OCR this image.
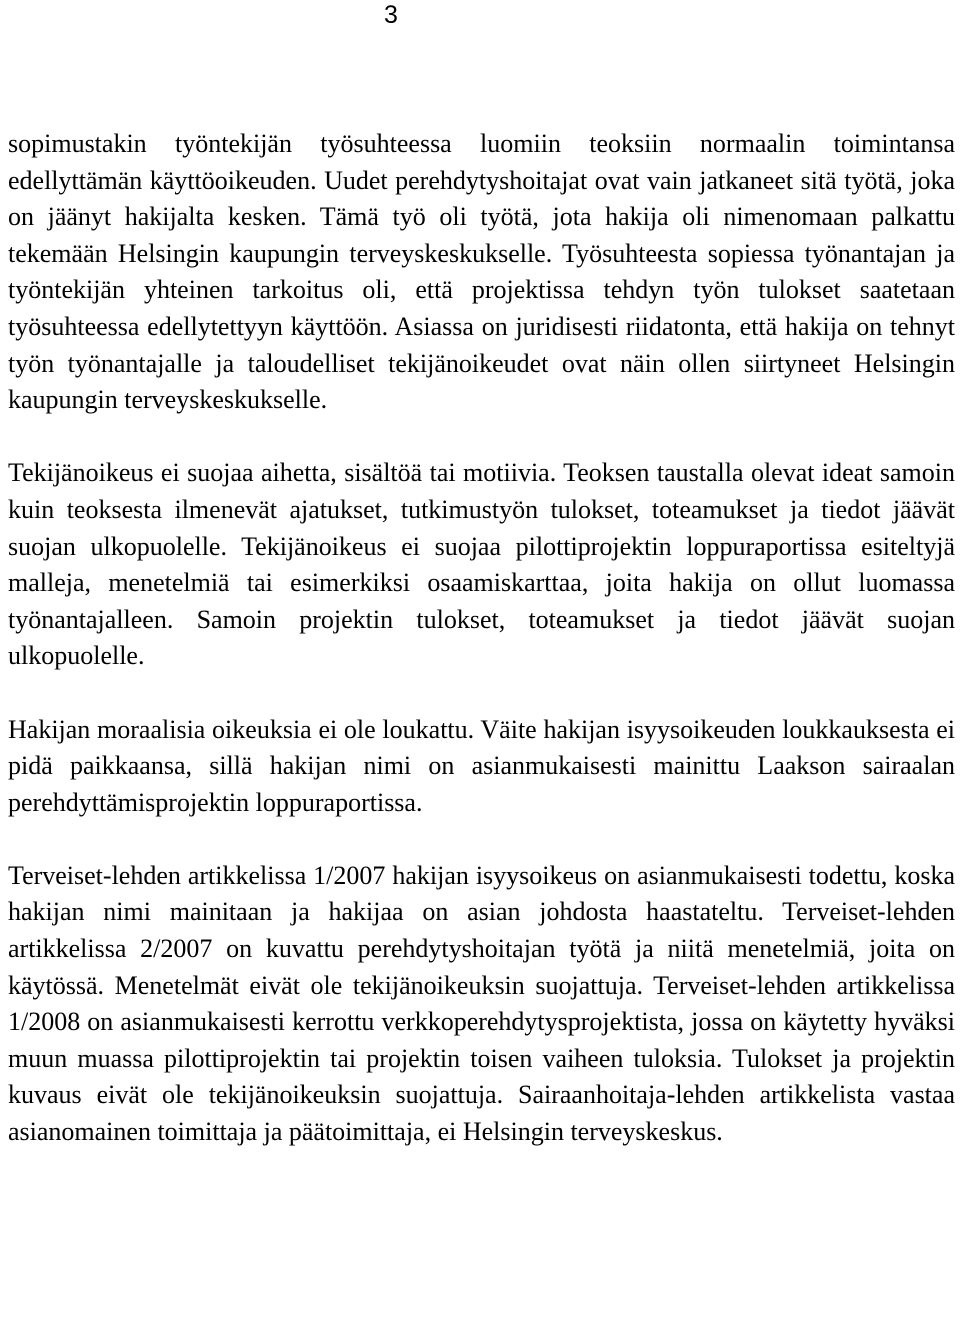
3

sopimustakin työntekijän työsuhteessa luomiin teoksiin normaalin toimintansa edellyttämän käyttöoikeuden. Uudet perehdytyshoitajat ovat vain jatkaneet sitä työtä, joka on jäänyt hakijalta kesken. Tämä työ oli työtä, jota hakija oli nimenomaan palkattu tekemään Helsingin kaupungin terveyskeskukselle. Työsuhteesta sopiessa työnantajan ja työntekijän yhteinen tarkoitus oli, että projektissa tehdyn työn tulokset saatetaan työsuhteessa edellytettyyn käyttöön. Asiassa on juridisesti riidatonta, että hakija on tehnyt työn työnantajalle ja taloudelliset tekijänoikeudet ovat näin ollen siirtyneet Helsingin kaupungin terveyskeskukselle.

Tekijänoikeus ei suojaa aihetta, sisältöä tai motiivia. Teoksen taustalla olevat ideat samoin kuin teoksesta ilmenevät ajatukset, tutkimustyön tulokset, toteamukset ja tiedot jäävät suojan ulkopuolelle. Tekijänoikeus ei suojaa pilottiprojektin loppuraportissa esiteltyjä malleja, menetelmiä tai esimerkiksi osaamiskarttaa, joita hakija on ollut luomassa työnantajalleen. Samoin projektin tulokset, toteamukset ja tiedot jäävät suojan ulkopuolelle.

Hakijan moraalisia oikeuksia ei ole loukattu. Väite hakijan isyysoikeuden loukkauksesta ei pidä paikkaansa, sillä hakijan nimi on asianmukaisesti mainittu Laakson sairaalan perehdyttämisprojektin loppuraportissa.

Terveiset-lehden artikkelissa 1/2007 hakijan isyysoikeus on asianmukaisesti todettu, koska hakijan nimi mainitaan ja hakijaa on asian johdosta haastateltu. Terveiset-lehden artikkelissa 2/2007 on kuvattu perehdytyshoitajan työtä ja niitä menetelmiä, joita on käytössä. Menetelmät eivät ole tekijänoikeuksin suojattuja. Terveiset-lehden artikkelissa 1/2008 on asianmukaisesti kerrottu verkkoperehdytysprojektista, jossa on käytetty hyväksi muun muassa pilottiprojektin tai projektin toisen vaiheen tuloksia. Tulokset ja projektin kuvaus eivät ole tekijänoikeuksin suojattuja. Sairaanhoitaja-lehden artikkelista vastaa asianomainen toimittaja ja päätoimittaja, ei Helsingin terveyskeskus.
